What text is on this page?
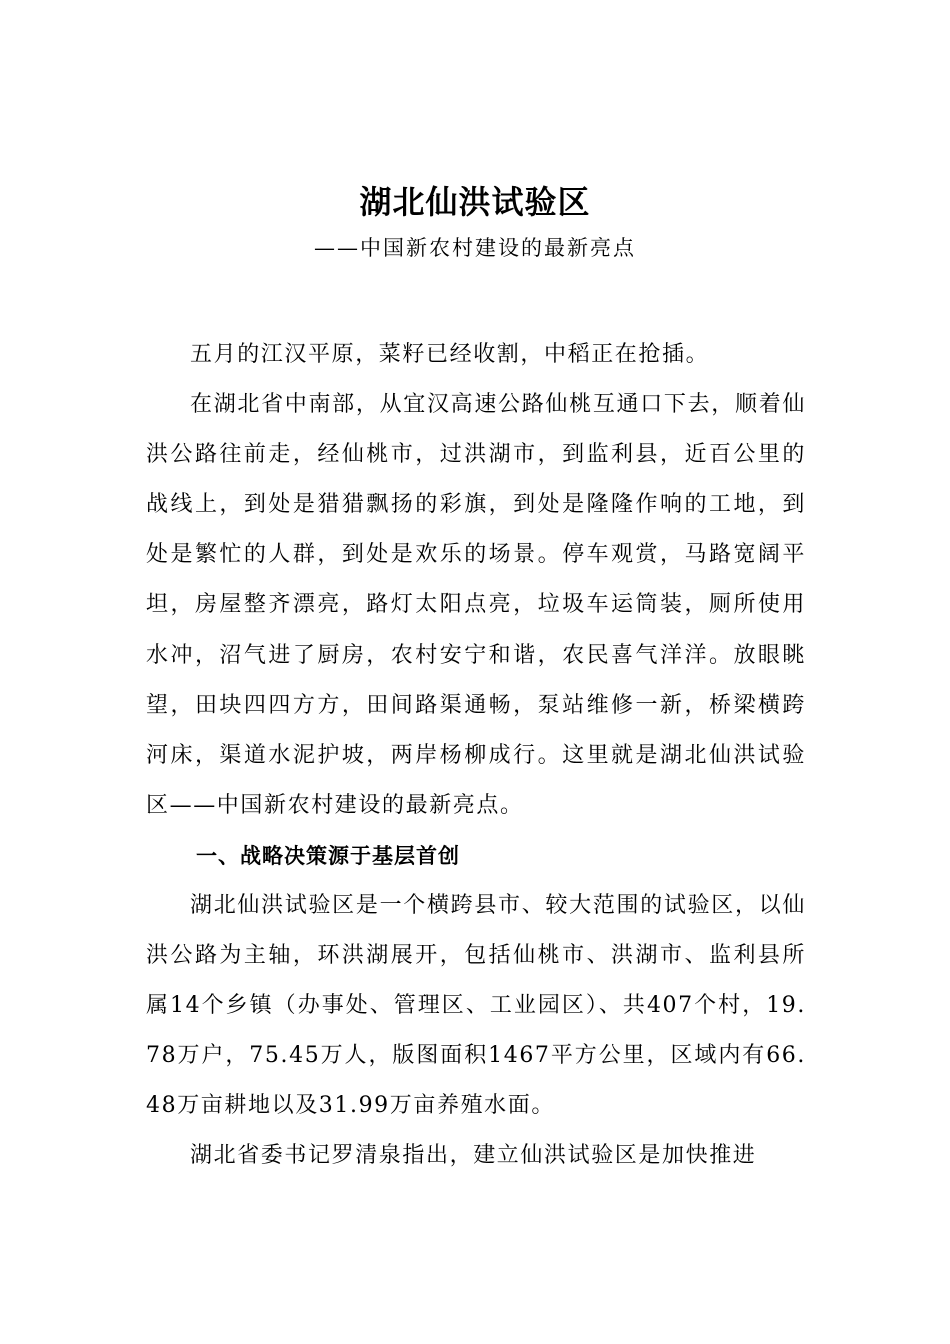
湖北仙洪试验区
——中国新农村建设的最新亮点

五月的江汉平原，菜籽已经收割，中稻正在抢插。

在湖北省中南部，从宜汉高速公路仙桃互通口下去，顺着仙洪公路往前走，经仙桃市，过洪湖市，到监利县，近百公里的战线上，到处是猎猎飘扬的彩旗，到处是隆隆作响的工地，到处是繁忙的人群，到处是欢乐的场景。停车观赏，马路宽阔平坦，房屋整齐漂亮，路灯太阳点亮，垃圾车运筒装，厕所使用水冲，沼气进了厨房，农村安宁和谐，农民喜气洋洋。放眼眺望，田块四四方方，田间路渠通畅，泵站维修一新，桥梁横跨河床，渠道水泥护坡，两岸杨柳成行。这里就是湖北仙洪试验区——中国新农村建设的最新亮点。

一、战略决策源于基层首创

湖北仙洪试验区是一个横跨县市、较大范围的试验区，以仙洪公路为主轴，环洪湖展开，包括仙桃市、洪湖市、监利县所属14个乡镇（办事处、管理区、工业园区）、共407个村，19.78万户，75.45万人，版图面积1467平方公里，区域内有66.48万亩耕地以及31.99万亩养殖水面。

湖北省委书记罗清泉指出，建立仙洪试验区是加快推进
